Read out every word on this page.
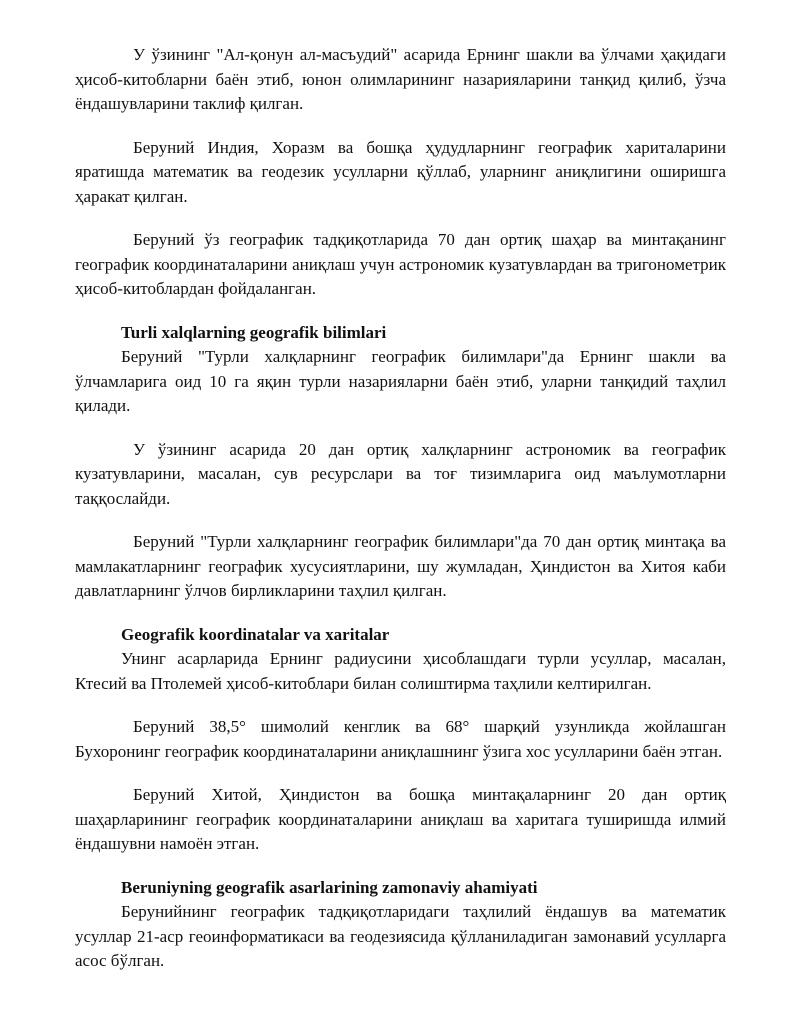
У ўзининг "Ал-қонун ал-масъудий" асарида Ернинг шакли ва ўлчами ҳақидаги ҳисоб-китобларни баён этиб, юнон олимларининг назарияларини танқид қилиб, ўзча ёндашувларини таклиф қилган.

Беруний Индия, Хоразм ва бошқа ҳудудларнинг географик хариталарини яратишда математик ва геодезик усулларни қўллаб, уларнинг аниқлигини оширишга ҳаракат қилган.

Беруний ўз географик тадқиқотларида 70 дан ортиқ шаҳар ва минтақанинг географик координаталарини аниқлаш учун астрономик кузатувлардан ва тригонометрик ҳисоб-китоблардан фойдаланган.

Turli xalqlarning geografik bilimlari

Беруний "Турли халқларнинг географик билимлари"да Ернинг шакли ва ўлчамларига оид 10 га яқин турли назарияларни баён этиб, уларни танқидий таҳлил қилади.

У ўзининг асарида 20 дан ортиқ халқларнинг астрономик ва географик кузатувларини, масалан, сув ресурслари ва тоғ тизимларига оид маълумотларни таққослайди.

Беруний "Турли халқларнинг географик билимлари"да 70 дан ортиқ минтақа ва мамлакатларнинг географик хусусиятларини, шу жумладан, Ҳиндистон ва Хитоя каби давлатларнинг ўлчов бирликларини таҳлил қилган.

Geografik koordinatalar va xaritalar

Унинг асарларида Ернинг радиусини ҳисоблашдаги турли усуллар, масалан, Ктесий ва Птолемей ҳисоб-китоблари билан солиштирма таҳлили келтирилган.

Беруний 38,5° шимолий кенглик ва 68° шарқий узунликда жойлашган Бухоронинг географик координаталарини аниқлашнинг ўзига хос усулларини баён этган.

Беруний Хитой, Ҳиндистон ва бошқа минтақаларнинг 20 дан ортиқ шаҳарларининг географик координаталарини аниқлаш ва харитага туширишда илмий ёндашувни намоён этган.

Beruniyning geografik asarlarining zamonaviy ahamiyati

Берунийнинг географик тадқиқотларидаги таҳлилий ёндашув ва математик усуллар 21-аср геоинформатикаси ва геодезиясида қўлланиладиган замонавий усулларга асос бўлган.
